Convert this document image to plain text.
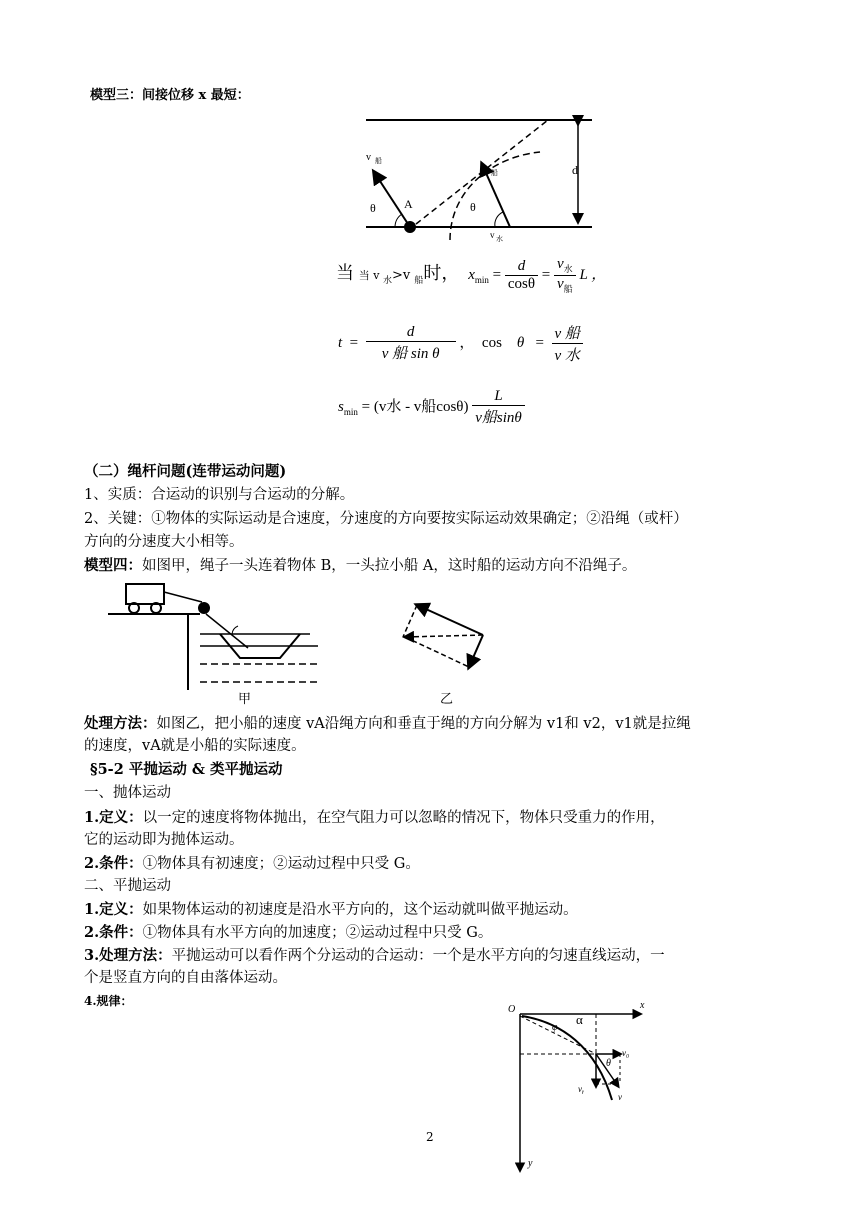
模型三：间接位移 x 最短：
d
A
θ
v 船
θ
v 船
v 水
当 当 v $_水$>v $_船$时， $x_{min} = \frac{d}{\cos\theta} = \frac{v_水}{v_船}$ L ，
$t = \frac{d}{\text{v 船 sin θ}}$ ， $\cos \theta = \frac{\text{v 船}}{\text{v 水}}$
$s_{min} = (v$水 - v船$\cos\theta) \frac{L}{\text{v船sinθ}}$
（二）绳杆问题(连带运动问题)
1、实质：合运动的识别与合运动的分解。
2、关键：①物体的实际运动是合速度，分速度的方向要按实际运动效果确定；②沿绳（或杆）
方向的分速度大小相等。
模型四：如图甲，绳子一头连着物体 B，一头拉小船 A，这时船的运动方向不沿绳子。
甲	乙
处理方法：如图乙，把小船的速度 vA沿绳方向和垂直于绳的方向分解为 v1和 v2，v1就是拉绳
的速度，vA就是小船的实际速度。
§5-2 平抛运动 & 类平抛运动
一、抛体运动
1.定义：以一定的速度将物体抛出，在空气阻力可以忽略的情况下，物体只受重力的作用，
它的运动即为抛体运动。
2.条件：①物体具有初速度；②运动过程中只受 G。
二、平抛运动
1.定义：如果物体运动的初速度是沿水平方向的，这个运动就叫做平抛运动。
2.条件：①物体具有水平方向的加速度；②运动过程中只受 G。
3.处理方法：平抛运动可以看作两个分运动的合运动：一个是水平方向的匀速直线运动，一
个是竖直方向的自由落体运动。
4.规律：
O	x
y
φ
α
θ
v₀
vᵧ
v
2
